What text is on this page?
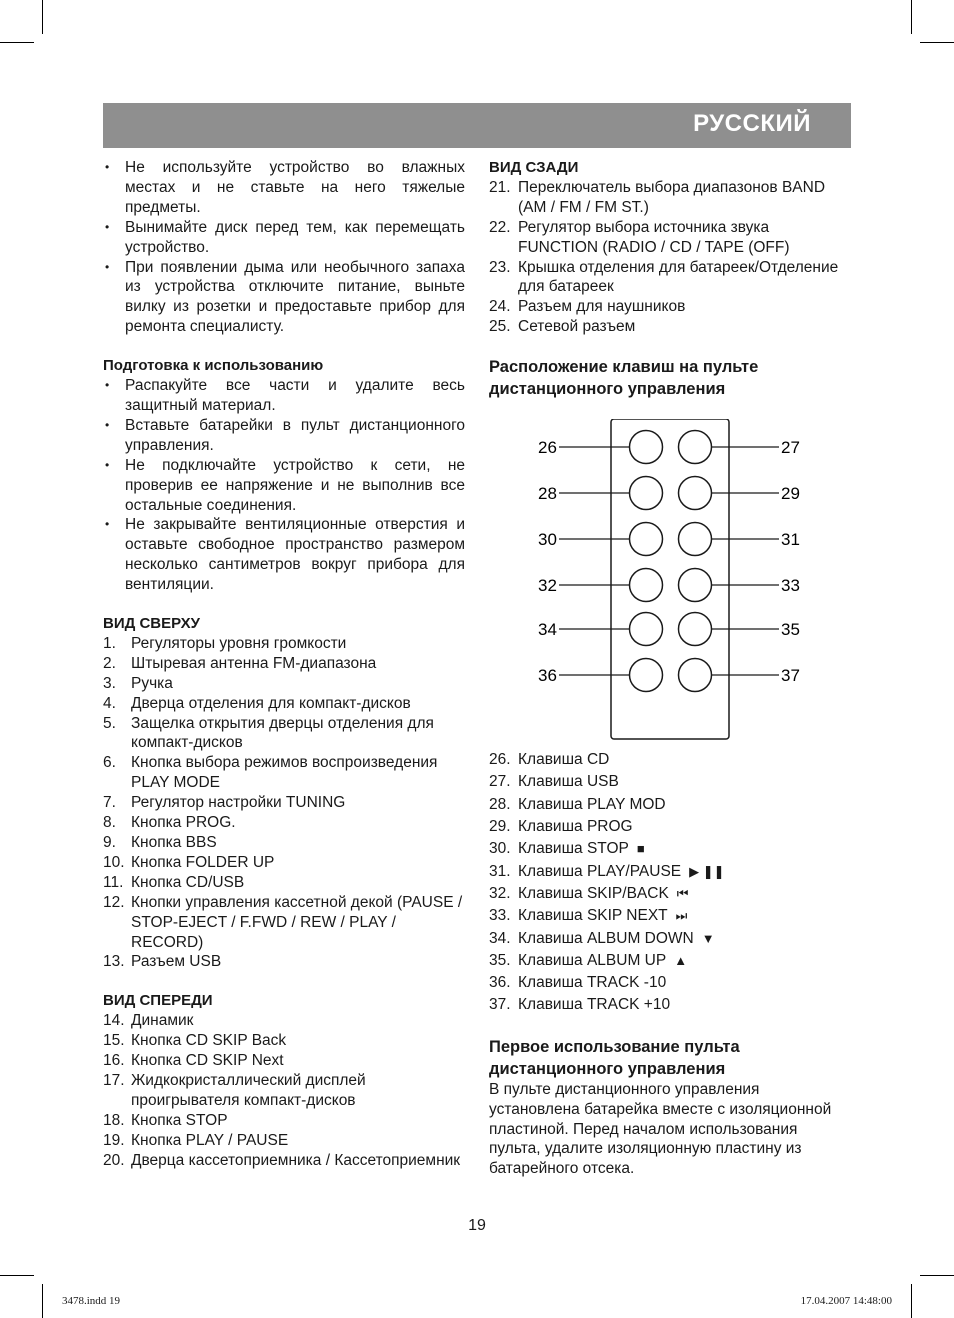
РУССКИЙ
• Не используйте устройство во влажных местах и не ставьте на него тяжелые предметы.
• Вынимайте диск перед тем, как перемещать устройство.
• При появлении дыма или необычного запаха из устройства отключите питание, выньте вилку из розетки и предоставьте прибор для ремонта специалисту.

Подготовка к использованию

• Распакуйте все части и удалите весь защитный материал.
• Вставьте батарейки в пульт дистанционного управления.
• Не подключайте устройство к сети, не проверив ее напряжение и не выполнив все остальные соединения.
• Не закрывайте вентиляционные отверстия и оставьте свободное пространство размером несколько сантиметров вокруг прибора для вентиляции.

ВИД СВЕРХУ

1. Регуляторы уровня громкости
2. Штыревая антенна FM-диапазона
3. Ручка
4. Дверца отделения для компакт-дисков
5. Защелка открытия дверцы отделения для компакт-дисков
6. Кнопка выбора режимов воспроизведения PLAY MODE
7. Регулятор настройки TUNING
8. Кнопка PROG.
9. Кнопка BBS
10. Кнопка FOLDER UP
11. Кнопка CD/USB
12. Кнопки управления кассетной декой (PAUSE / STOP-EJECT / F.FWD / REW / PLAY / RECORD)
13. Разъем USB

ВИД СПЕРЕДИ

14. Динамик
15. Кнопка CD SKIP Back
16. Кнопка CD SKIP Next
17. Жидкокристаллический дисплей проигрывателя компакт-дисков
18. Кнопка STOP
19. Кнопка PLAY / PAUSE
20. Дверца кассетоприемника / Кассетоприемник

ВИД СЗАДИ

21. Переключатель выбора диапазонов BAND (AM / FM / FM ST.)
22. Регулятор выбора источника звука FUNCTION (RADIO / CD / TAPE (OFF)
23. Крышка отделения для батареек/Отделение для батареек
24. Разъем для наушников
25. Сетевой разъем

Расположение клавиш на пульте дистанционного управления

26	27
28	29
30	31
32	33
34	35
36	37
26. Клавиша CD
27. Клавиша USB
28. Клавиша PLAY MOD
29. Клавиша PROG
30. Клавиша STOP ■
31. Клавиша PLAY/PAUSE ▶ ❚❚
32. Клавиша SKIP/BACK ⏮
33. Клавиша SKIP NEXT ⏭
34. Клавиша ALBUM DOWN ▼
35. Клавиша ALBUM UP ▲
36. Клавиша TRACK -10
37. Клавиша TRACK +10

Первое использование пульта дистанционного управления

В пульте дистанционного управления установлена батарейка вместе с изоляционной пластиной. Перед началом использования пульта, удалите изоляционную пластину из батарейного отсека.

19
3478.indd 19	17.04.2007 14:48:00
